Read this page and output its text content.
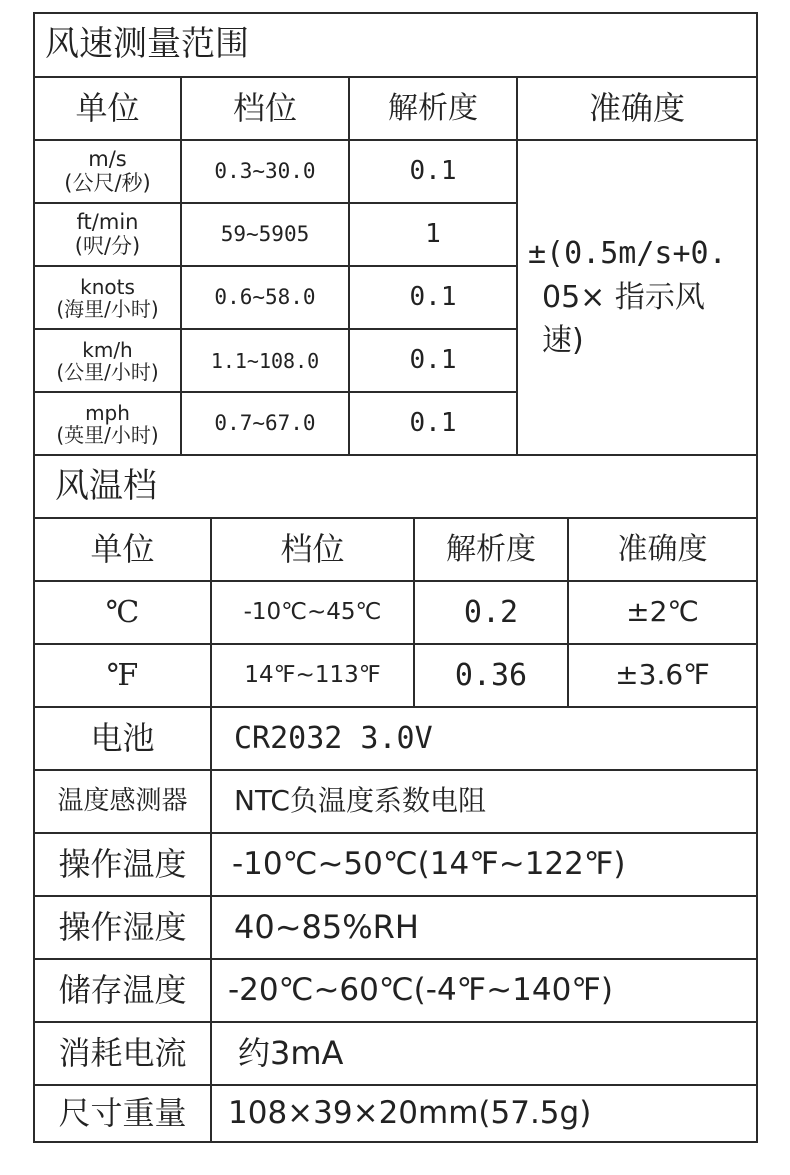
风速测量范围
单位	档位	解析度	准确度
m/s
(公尺/秒)	0.3~30.0	0.1
ft/min
(呎/分)	59~5905	1
knots
(海里/小时)	0.6~58.0	0.1
km/h
(公里/小时)	1.1~108.0	0.1
mph
(英里/小时)	0.7~67.0	0.1
±(0.5m/s+0.
05× 指示风
速)
风温档
单位	档位	解析度	准确度
℃	-10℃~45℃	0.2	±2℃
℉	14℉~113℉	0.36	±3.6℉
电池	CR2032 3.0V
温度感测器	NTC负温度系数电阻
操作温度	-10℃~50℃(14℉~122℉)
操作湿度	40~85%RH
储存温度	-20℃~60℃(-4℉~140℉)
消耗电流	约3mA
尺寸重量	108×39×20mm(57.5g)
